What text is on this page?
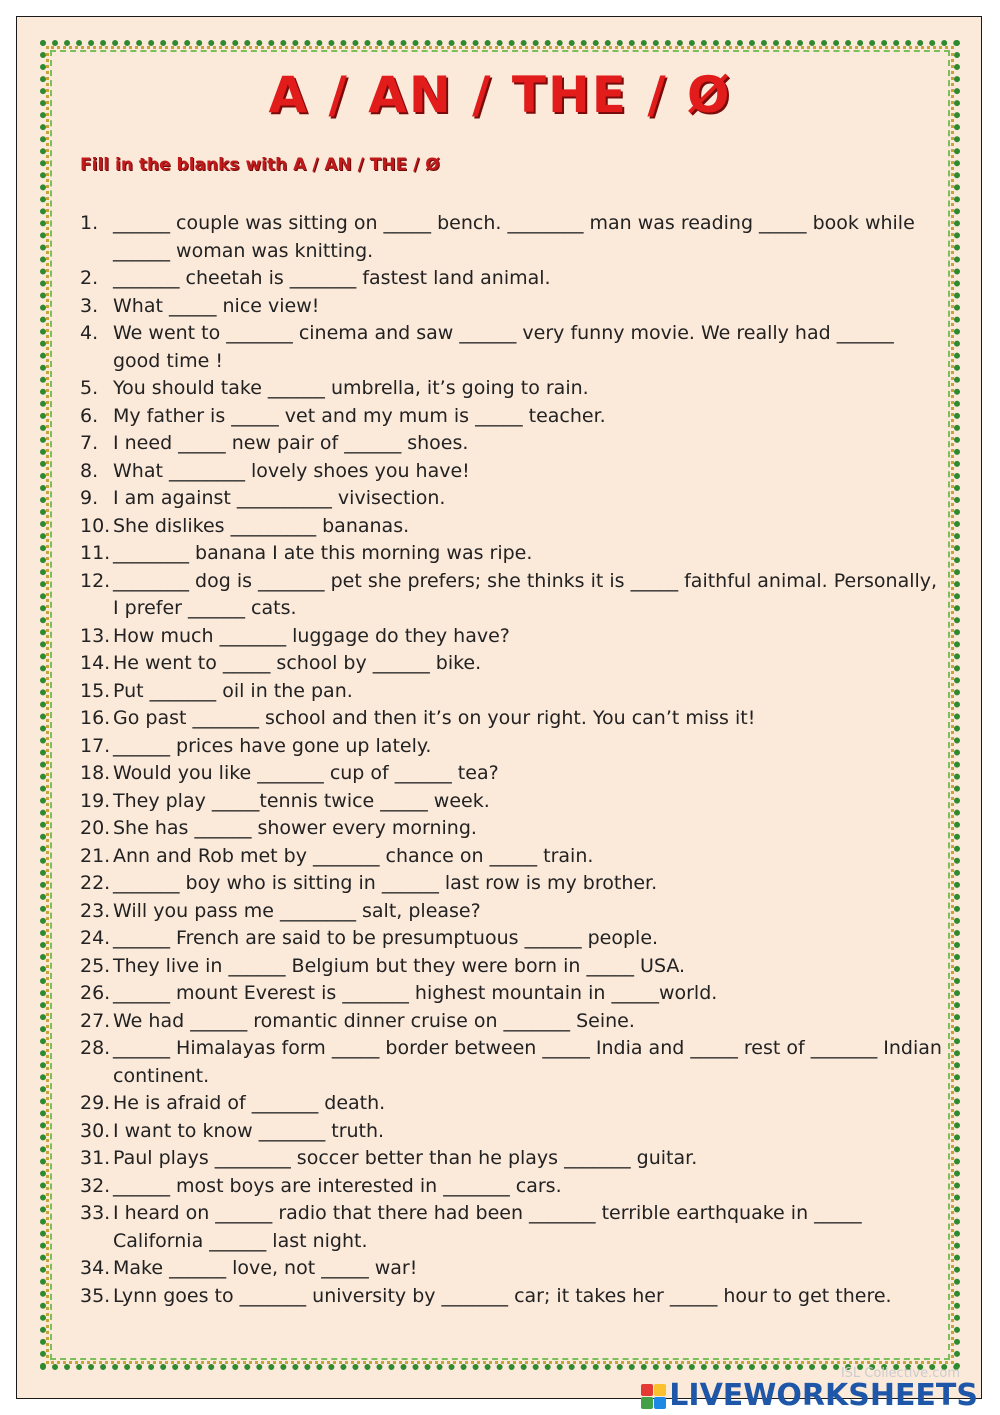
A / AN / THE / Ø

Fill in the blanks with A / AN / THE / Ø

1. ______ couple was sitting on _____ bench. ________ man was reading _____ book while ______ woman was knitting.
2. _______ cheetah is _______ fastest land animal.
3. What _____ nice view!
4. We went to _______ cinema and saw ______ very funny movie. We really had ______ good time !
5. You should take ______ umbrella, it’s going to rain.
6. My father is _____ vet and my mum is _____ teacher.
7. I need _____ new pair of ______ shoes.
8. What ________ lovely shoes you have!
9. I am against __________ vivisection.
10. She dislikes _________ bananas.
11. ________ banana I ate this morning was ripe.
12. ________ dog is _______ pet she prefers; she thinks it is _____ faithful animal. Personally, I prefer ______ cats.
13. How much _______ luggage do they have?
14. He went to _____ school by ______ bike.
15. Put _______ oil in the pan.
16. Go past _______ school and then it’s on your right. You can’t miss it!
17. ______ prices have gone up lately.
18. Would you like _______ cup of ______ tea?
19. They play _____tennis twice _____ week.
20. She has ______ shower every morning.
21. Ann and Rob met by _______ chance on _____ train.
22. _______ boy who is sitting in ______ last row is my brother.
23. Will you pass me ________ salt, please?
24. ______ French are said to be presumptuous ______ people.
25. They live in ______ Belgium but they were born in _____ USA.
26. ______ mount Everest is _______ highest mountain in _____world.
27. We had ______ romantic dinner cruise on _______ Seine.
28. ______ Himalayas form _____ border between _____ India and _____ rest of _______ Indian continent.
29. He is afraid of _______ death.
30. I want to know _______ truth.
31. Paul plays ________ soccer better than he plays _______ guitar.
32. ______ most boys are interested in _______ cars.
33. I heard on ______ radio that there had been _______ terrible earthquake in _____ California ______ last night.
34. Make ______ love, not _____ war!
35. Lynn goes to _______ university by _______ car; it takes her _____ hour to get there.
ISL Collective.com
LIVEWORKSHEETS
